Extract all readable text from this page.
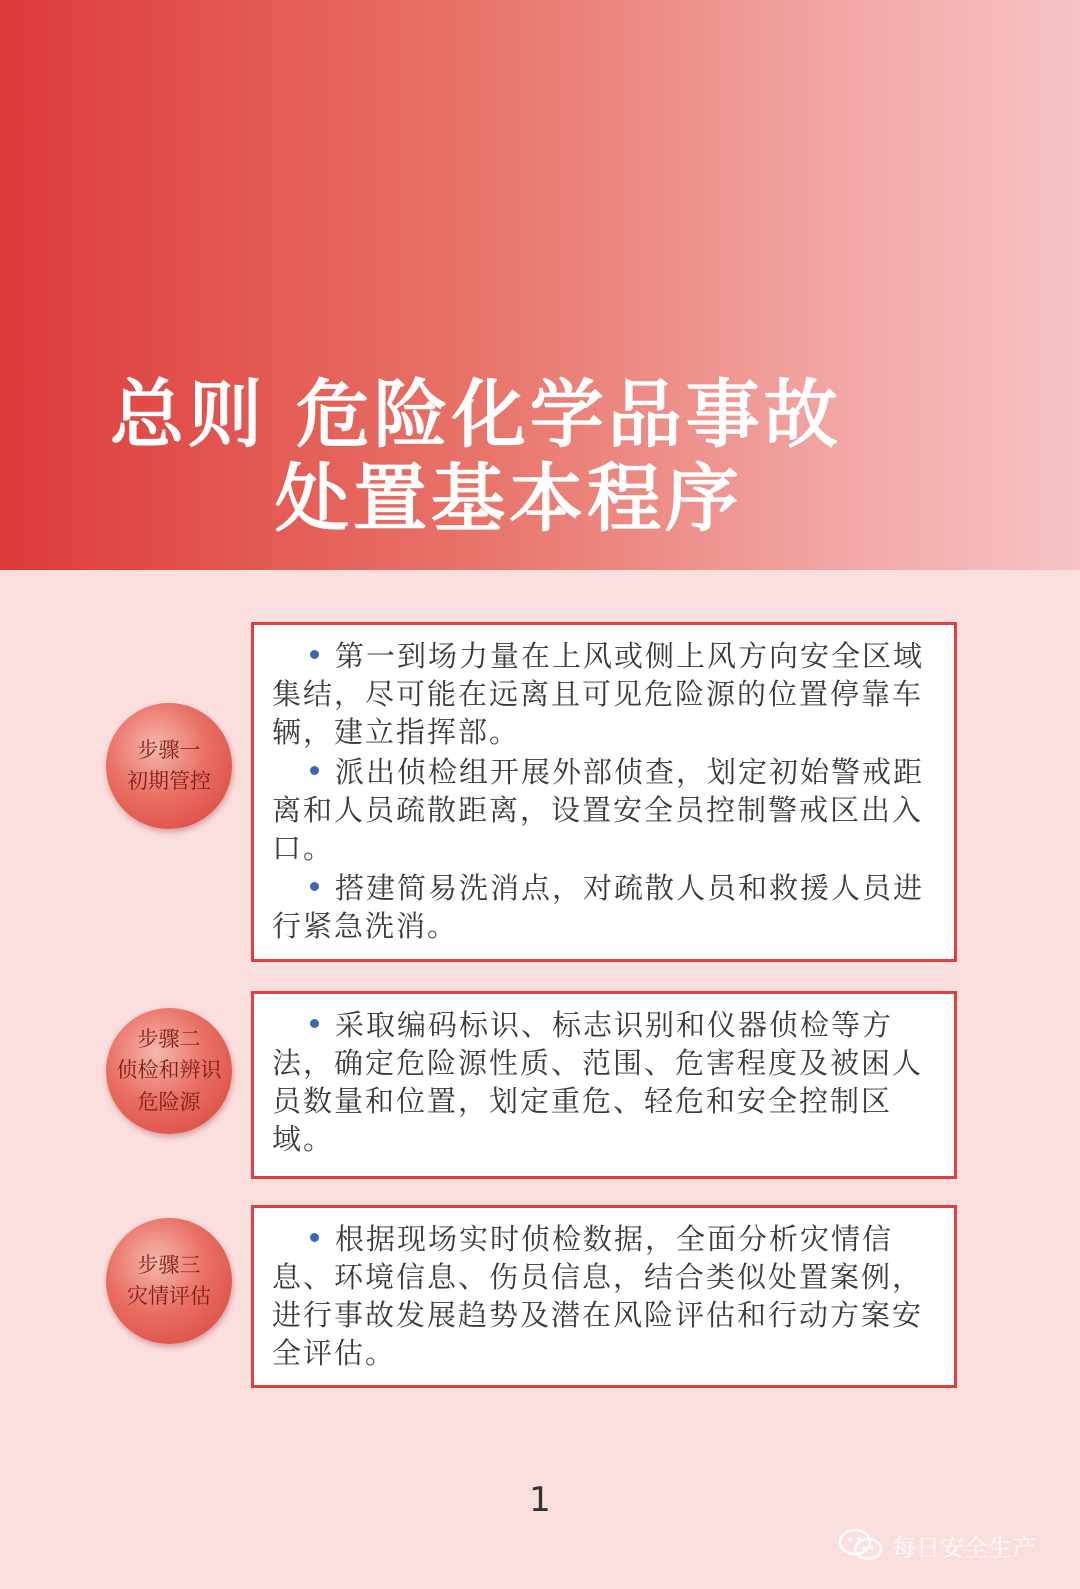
总则 危险化学品事故
处置基本程序
步骤一
初期管控

第一到场力量在上风或侧上风方向安全区域集结，尽可能在远离且可见危险源的位置停靠车辆，建立指挥部。

派出侦检组开展外部侦查，划定初始警戒距离和人员疏散距离，设置安全员控制警戒区出入口。

搭建简易洗消点，对疏散人员和救援人员进行紧急洗消。

步骤二
侦检和辨识
危险源

采取编码标识、标志识别和仪器侦检等方法，确定危险源性质、范围、危害程度及被困人员数量和位置，划定重危、轻危和安全控制区域。

步骤三
灾情评估

根据现场实时侦检数据，全面分析灾情信息、环境信息、伤员信息，结合类似处置案例，进行事故发展趋势及潜在风险评估和行动方案安全评估。

1
每日安全生产
